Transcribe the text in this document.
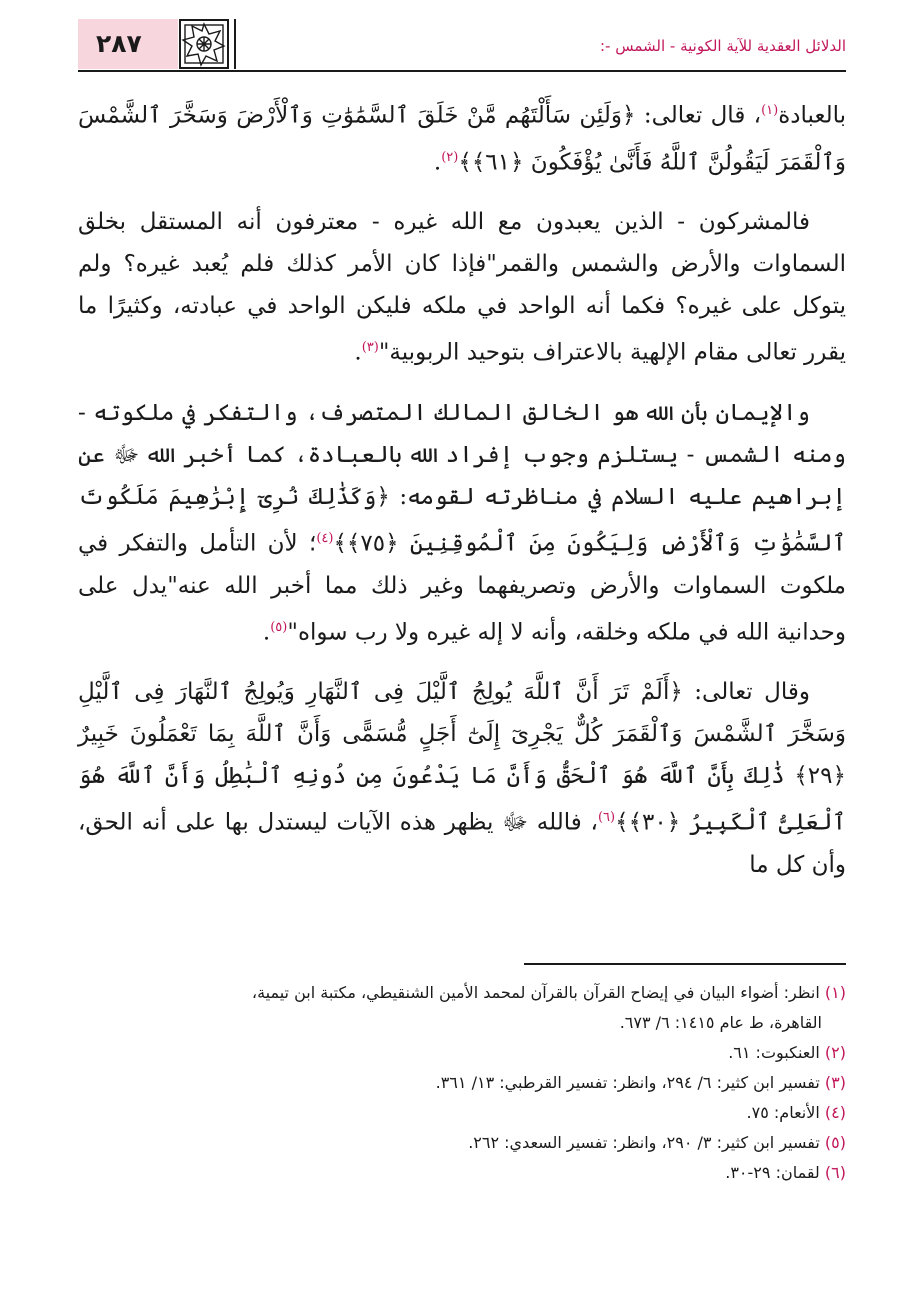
الدلائل العقدية للآية الكونية - الشمس -:
٢٨٧

بالعبادة$^{(١)}$، قال تعالى: ﴿وَلَئِن سَأَلْتَهُم مَّنْ خَلَقَ ٱلسَّمَٰوَٰتِ وَٱلْأَرْضَ وَسَخَّرَ ٱلشَّمْسَ وَٱلْقَمَرَ لَيَقُولُنَّ ٱللَّهُ فَأَنَّىٰ يُؤْفَكُونَ ﴿٦١﴾﴾$^{(٢)}$.

فالمشركون - الذين يعبدون مع الله غيره - معترفون أنه المستقل بخلق السماوات والأرض والشمس والقمر"فإذا كان الأمر كذلك فلم يُعبد غيره؟ ولم يتوكل على غيره؟ فكما أنه الواحد في ملكه فليكن الواحد في عبادته، وكثيرًا ما يقرر تعالى مقام الإلهية بالاعتراف بتوحيد الربوبية"$^{(٣)}$.

والإيمان بأن الله هو الخالق المالك المتصرف، والتفكر في ملكوته - ومنه الشمس - يستلزم وجوب إفراد الله بالعبادة، كما أخبر الله ﷻ عن إبراهيم عليه السلام في مناظرته لقومه: ﴿وَكَذَٰلِكَ نُرِىٓ إِبْرَٰهِيمَ مَلَكُوتَ ٱلسَّمَٰوَٰتِ وَٱلْأَرْضِ وَلِيَكُونَ مِنَ ٱلْمُوقِنِينَ ﴿٧٥﴾﴾$^{(٤)}$؛ لأن التأمل والتفكر في ملكوت السماوات والأرض وتصريفهما وغير ذلك مما أخبر الله عنه"يدل على وحدانية الله في ملكه وخلقه، وأنه لا إله غيره ولا رب سواه"$^{(٥)}$.

وقال تعالى: ﴿أَلَمْ تَرَ أَنَّ ٱللَّهَ يُولِجُ ٱلَّيْلَ فِى ٱلنَّهَارِ وَيُولِجُ ٱلنَّهَارَ فِى ٱلَّيْلِ وَسَخَّرَ ٱلشَّمْسَ وَٱلْقَمَرَ كُلٌّ يَجْرِىٓ إِلَىٰٓ أَجَلٍ مُّسَمًّى وَأَنَّ ٱللَّهَ بِمَا تَعْمَلُونَ خَبِيرٌ ﴿٢٩﴾ ذَٰلِكَ بِأَنَّ ٱللَّهَ هُوَ ٱلْحَقُّ وَأَنَّ مَا يَدْعُونَ مِن دُونِهِ ٱلْبَٰطِلُ وَأَنَّ ٱللَّهَ هُوَ ٱلْعَلِىُّ ٱلْكَبِيرُ ﴿٣٠﴾﴾$^{(٦)}$، فالله ﷻ يظهر هذه الآيات ليستدل بها على أنه الحق، وأن كل ما

(١) انظر: أضواء البيان في إيضاح القرآن بالقرآن لمحمد الأمين الشنقيطي، مكتبة ابن تيمية،
القاهرة، ط عام ١٤١٥: ٦/ ٦٧٣.

(٢) العنكبوت: ٦١.

(٣) تفسير ابن كثير: ٦/ ٢٩٤، وانظر: تفسير القرطبي: ١٣/ ٣٦١.

(٤) الأنعام: ٧٥.

(٥) تفسير ابن كثير: ٣/ ٢٩٠، وانظر: تفسير السعدي: ٢٦٢.

(٦) لقمان: ٢٩-٣٠.
